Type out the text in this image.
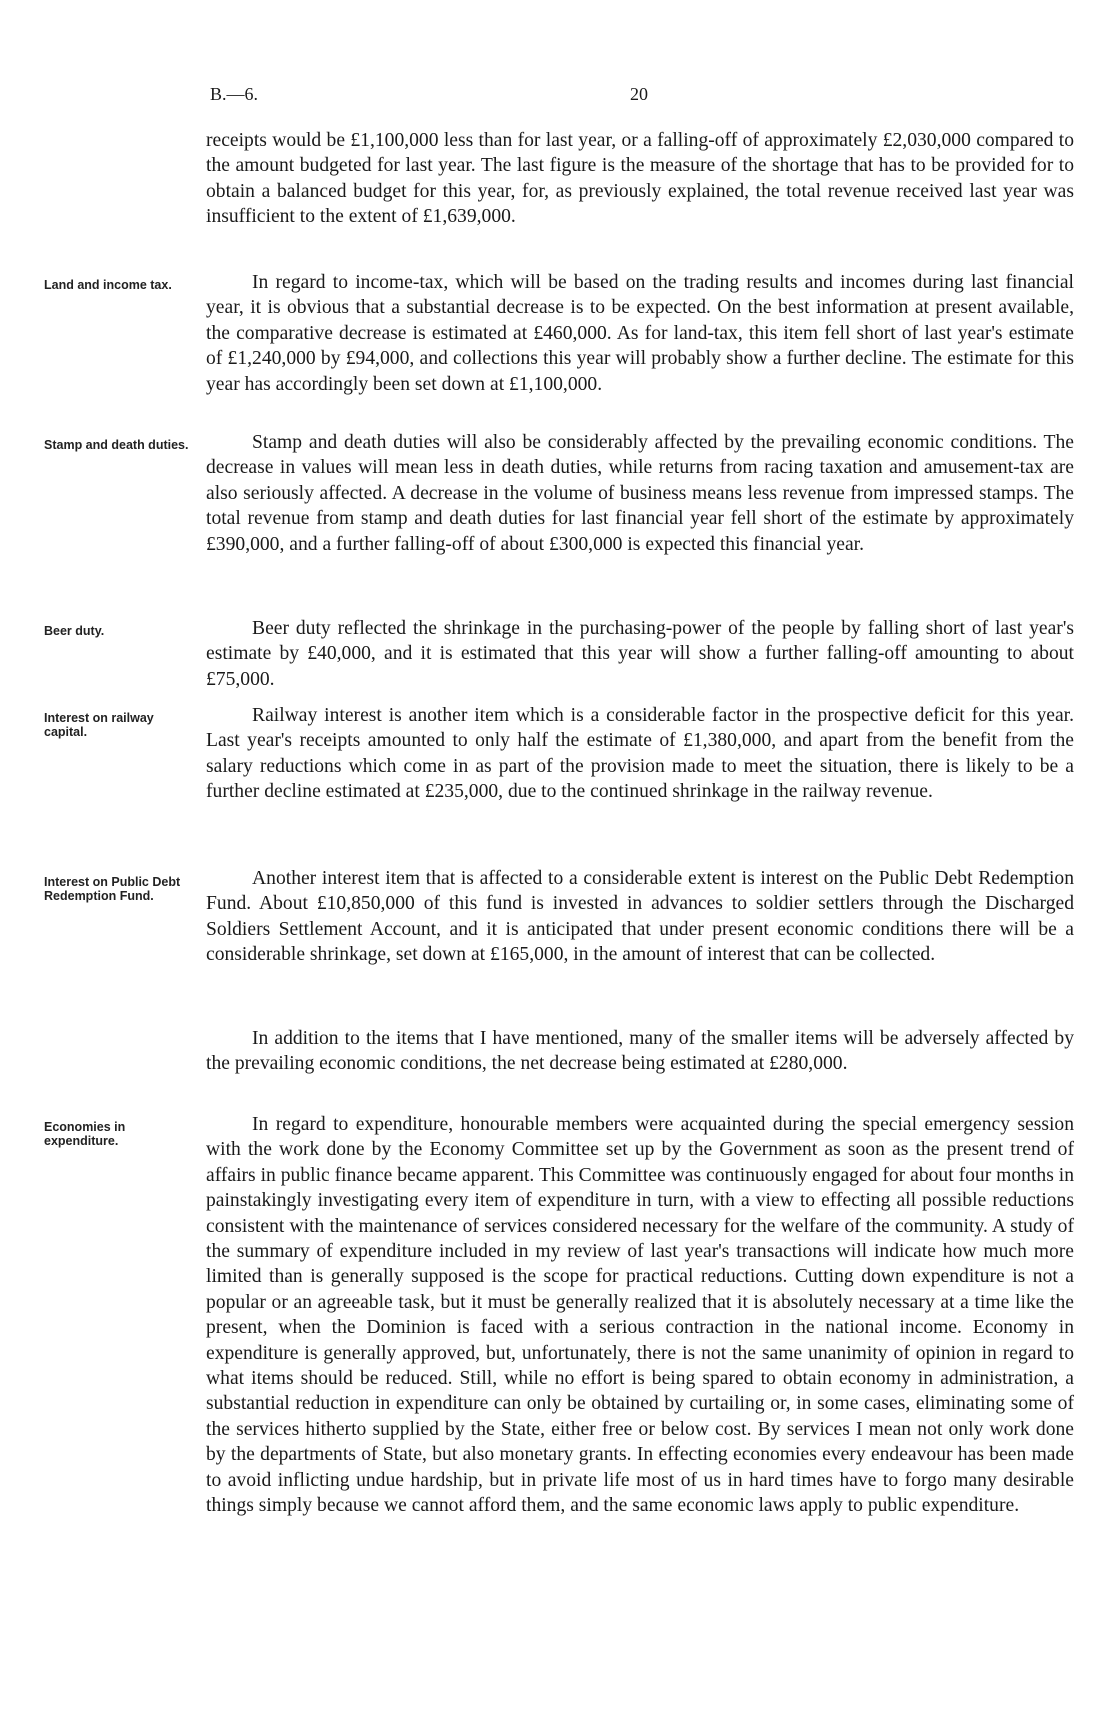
B.—6.	20

receipts would be £1,100,000 less than for last year, or a falling-off of approximately £2,030,000 compared to the amount budgeted for last year. The last figure is the measure of the shortage that has to be provided for to obtain a balanced budget for this year, for, as previously explained, the total revenue received last year was insufficient to the extent of £1,639,000.

Land and income tax.	In regard to income-tax, which will be based on the trading results and incomes during last financial year, it is obvious that a substantial decrease is to be expected. On the best information at present available, the comparative decrease is estimated at £460,000. As for land-tax, this item fell short of last year's estimate of £1,240,000 by £94,000, and collections this year will probably show a further decline. The estimate for this year has accordingly been set down at £1,100,000.

Stamp and death duties.	Stamp and death duties will also be considerably affected by the prevailing economic conditions. The decrease in values will mean less in death duties, while returns from racing taxation and amusement-tax are also seriously affected. A decrease in the volume of business means less revenue from impressed stamps. The total revenue from stamp and death duties for last financial year fell short of the estimate by approximately £390,000, and a further falling-off of about £300,000 is expected this financial year.

Beer duty.	Beer duty reflected the shrinkage in the purchasing-power of the people by falling short of last year's estimate by £40,000, and it is estimated that this year will show a further falling-off amounting to about £75,000.

Interest on railway capital.

Railway interest is another item which is a considerable factor in the prospective deficit for this year. Last year's receipts amounted to only half the estimate of £1,380,000, and apart from the benefit from the salary reductions which come in as part of the provision made to meet the situation, there is likely to be a further decline estimated at £235,000, due to the continued shrinkage in the railway revenue.

Interest on Public Debt Redemption Fund.

Another interest item that is affected to a considerable extent is interest on the Public Debt Redemption Fund. About £10,850,000 of this fund is invested in advances to soldier settlers through the Discharged Soldiers Settlement Account, and it is anticipated that under present economic conditions there will be a considerable shrinkage, set down at £165,000, in the amount of interest that can be collected.

In addition to the items that I have mentioned, many of the smaller items will be adversely affected by the prevailing economic conditions, the net decrease being estimated at £280,000.

Economies in expenditure.

In regard to expenditure, honourable members were acquainted during the special emergency session with the work done by the Economy Committee set up by the Government as soon as the present trend of affairs in public finance became apparent. This Committee was continuously engaged for about four months in painstakingly investigating every item of expenditure in turn, with a view to effecting all possible reductions consistent with the maintenance of services considered necessary for the welfare of the community. A study of the summary of expenditure included in my review of last year's transactions will indicate how much more limited than is generally supposed is the scope for practical reductions. Cutting down expenditure is not a popular or an agreeable task, but it must be generally realized that it is absolutely necessary at a time like the present, when the Dominion is faced with a serious contraction in the national income. Economy in expenditure is generally approved, but, unfortunately, there is not the same unanimity of opinion in regard to what items should be reduced. Still, while no effort is being spared to obtain economy in administration, a substantial reduction in expenditure can only be obtained by curtailing or, in some cases, eliminating some of the services hitherto supplied by the State, either free or below cost. By services I mean not only work done by the departments of State, but also monetary grants. In effecting economies every endeavour has been made to avoid inflicting undue hardship, but in private life most of us in hard times have to forgo many desirable things simply because we cannot afford them, and the same economic laws apply to public expenditure.
